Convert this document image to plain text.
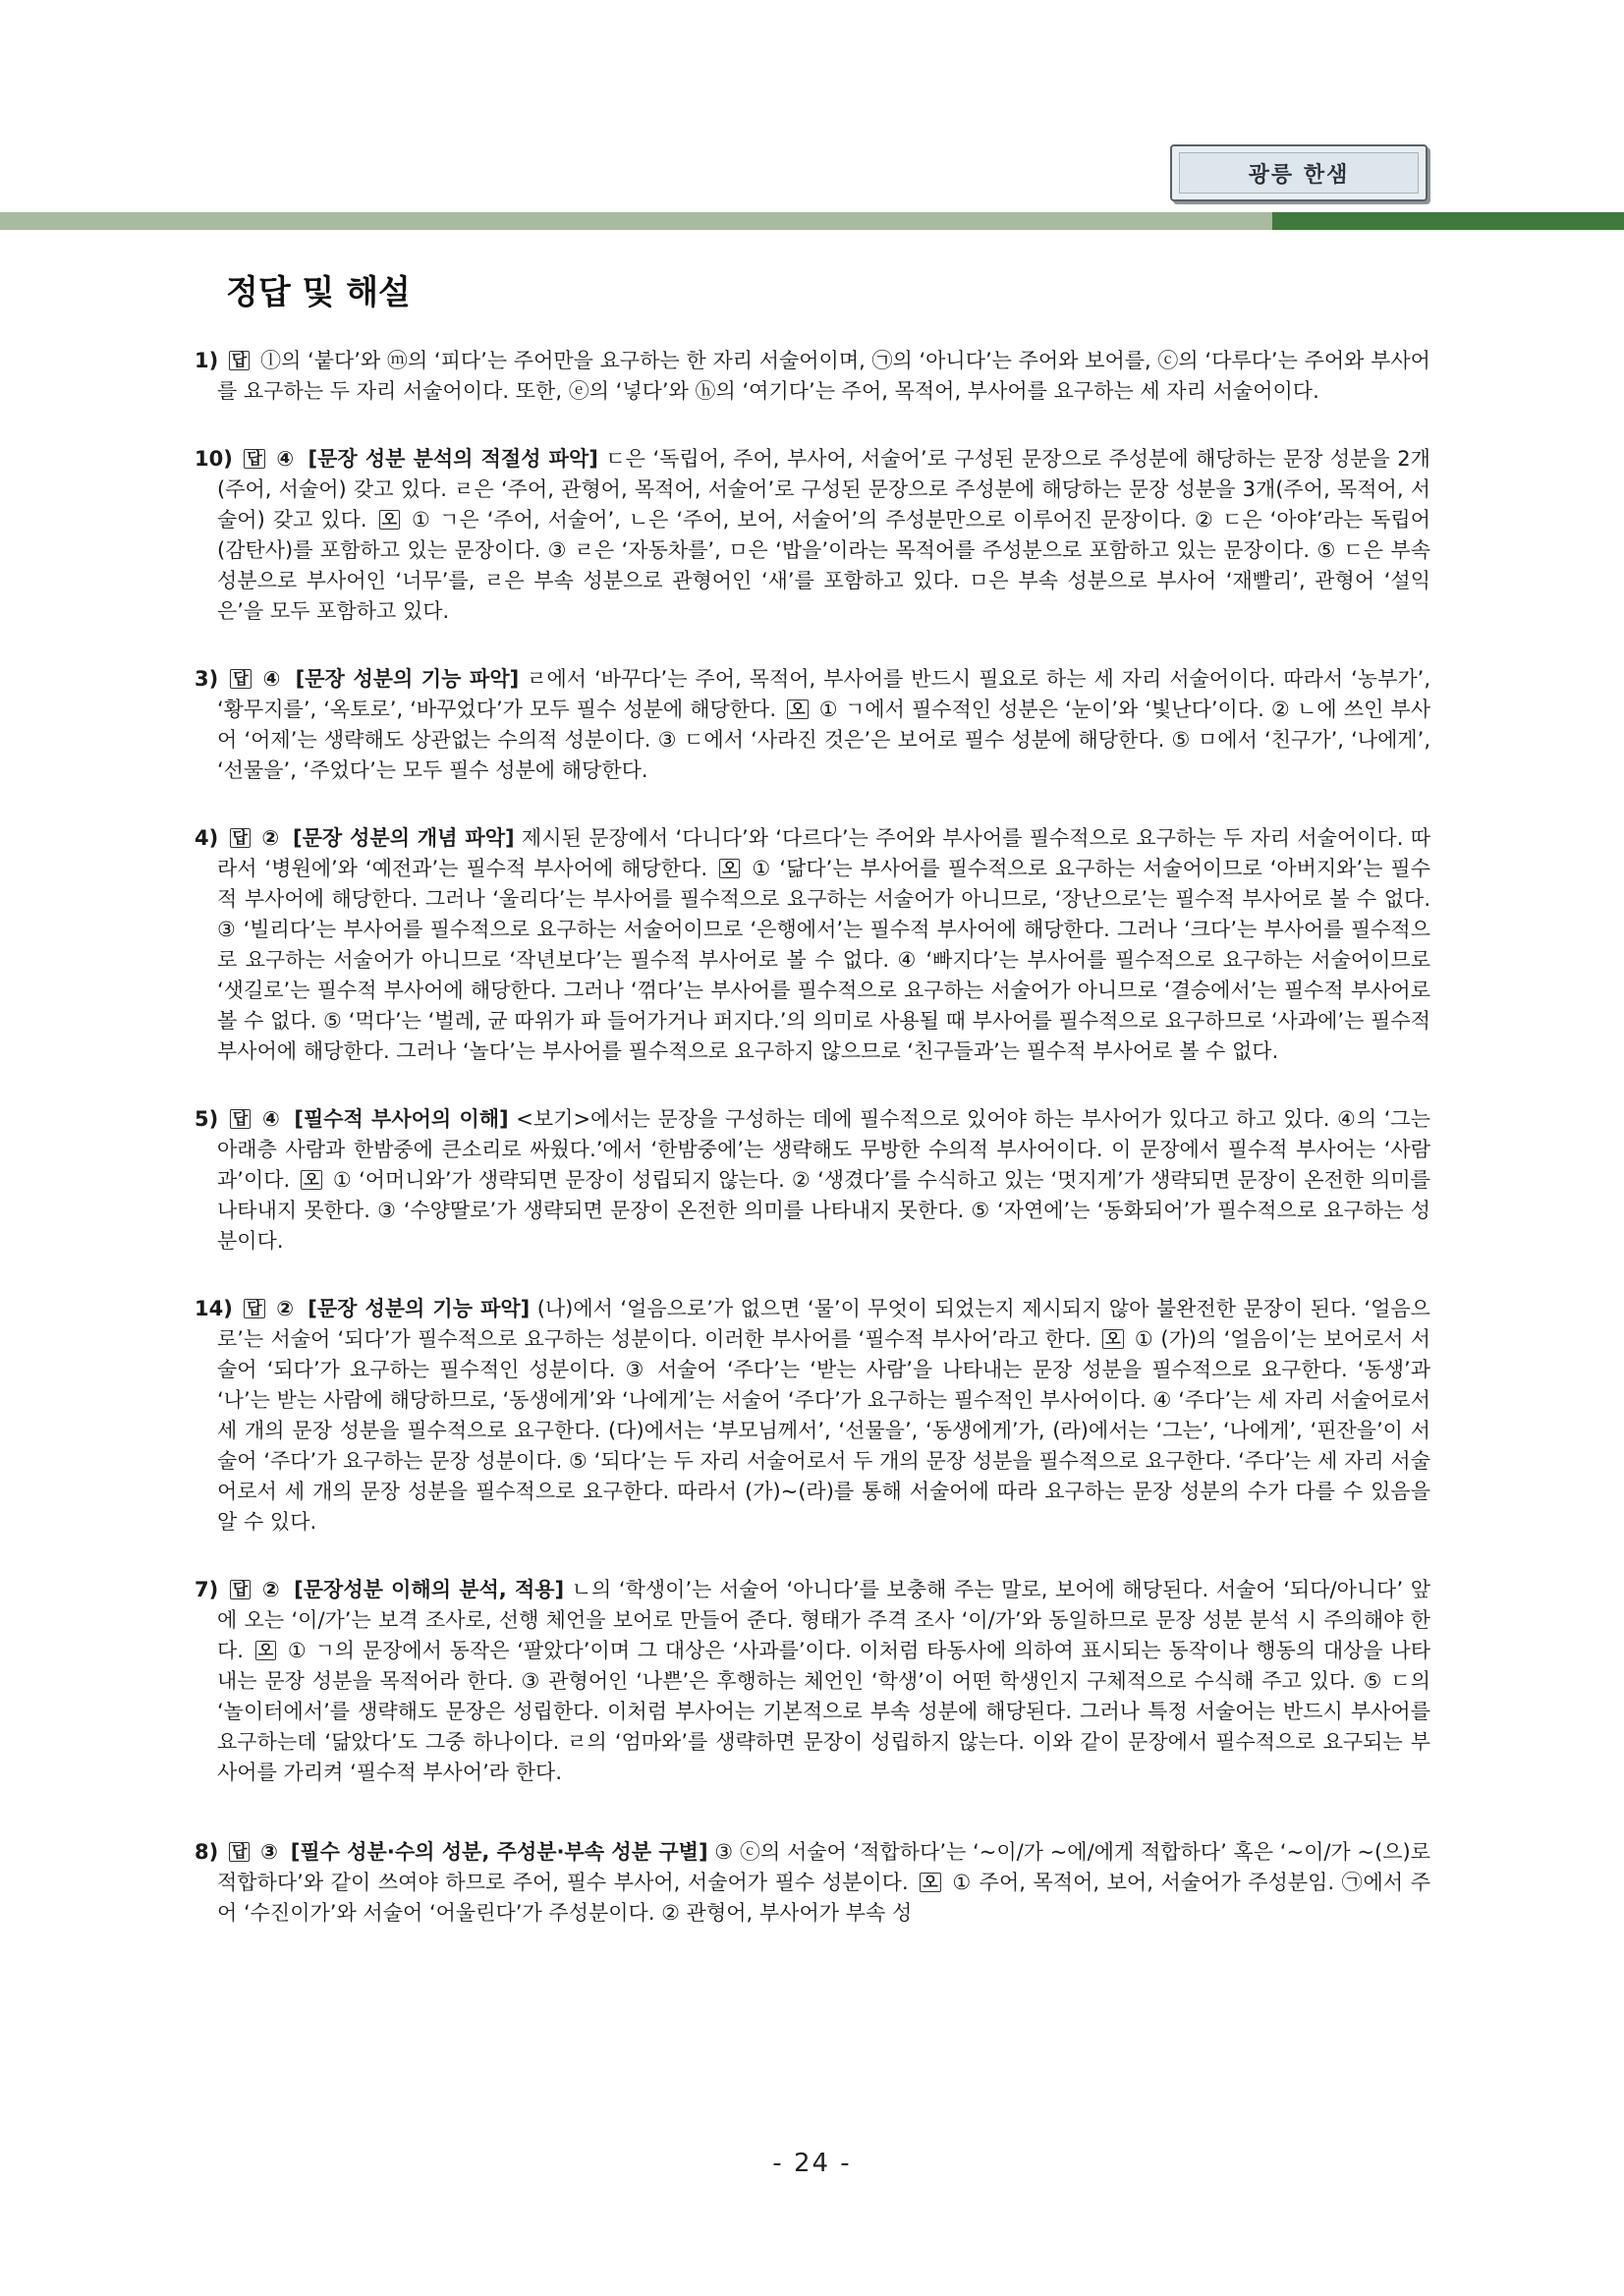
광릉 한샘
정답 및 해설

1) 답 ⓛ의 ‘붙다’와 ⓜ의 ‘피다’는 주어만을 요구하는 한 자리 서술어이며, ㉠의 ‘아니다’는 주어와 보어를, ⓒ의 ‘다루다’는 주어와 부사어를 요구하는 두 자리 서술어이다. 또한, ⓔ의 ‘넣다’와 ⓗ의 ‘여기다’는 주어, 목적어, 부사어를 요구하는 세 자리 서술어이다.

10) 답 ④ [문장 성분 분석의 적절성 파악] ㄷ은 ‘독립어, 주어, 부사어, 서술어’로 구성된 문장으로 주성분에 해당하는 문장 성분을 2개(주어, 서술어) 갖고 있다. ㄹ은 ‘주어, 관형어, 목적어, 서술어’로 구성된 문장으로 주성분에 해당하는 문장 성분을 3개(주어, 목적어, 서술어) 갖고 있다. 오 ① ㄱ은 ‘주어, 서술어’, ㄴ은 ‘주어, 보어, 서술어’의 주성분만으로 이루어진 문장이다. ② ㄷ은 ‘아야’라는 독립어(감탄사)를 포함하고 있는 문장이다. ③ ㄹ은 ‘자동차를’, ㅁ은 ‘밥을’이라는 목적어를 주성분으로 포함하고 있는 문장이다. ⑤ ㄷ은 부속 성분으로 부사어인 ‘너무’를, ㄹ은 부속 성분으로 관형어인 ‘새’를 포함하고 있다. ㅁ은 부속 성분으로 부사어 ‘재빨리’, 관형어 ‘설익은’을 모두 포함하고 있다.

3) 답 ④ [문장 성분의 기능 파악] ㄹ에서 ‘바꾸다’는 주어, 목적어, 부사어를 반드시 필요로 하는 세 자리 서술어이다. 따라서 ‘농부가’, ‘황무지를’, ‘옥토로’, ‘바꾸었다’가 모두 필수 성분에 해당한다. 오 ① ㄱ에서 필수적인 성분은 ‘눈이’와 ‘빛난다’이다. ② ㄴ에 쓰인 부사어 ‘어제’는 생략해도 상관없는 수의적 성분이다. ③ ㄷ에서 ‘사라진 것은’은 보어로 필수 성분에 해당한다. ⑤ ㅁ에서 ‘친구가’, ‘나에게’, ‘선물을’, ‘주었다’는 모두 필수 성분에 해당한다.

4) 답 ② [문장 성분의 개념 파악] 제시된 문장에서 ‘다니다’와 ‘다르다’는 주어와 부사어를 필수적으로 요구하는 두 자리 서술어이다. 따라서 ‘병원에’와 ‘예전과’는 필수적 부사어에 해당한다. 오 ① ‘닮다’는 부사어를 필수적으로 요구하는 서술어이므로 ‘아버지와’는 필수적 부사어에 해당한다. 그러나 ‘울리다’는 부사어를 필수적으로 요구하는 서술어가 아니므로, ‘장난으로’는 필수적 부사어로 볼 수 없다. ③ ‘빌리다’는 부사어를 필수적으로 요구하는 서술어이므로 ‘은행에서’는 필수적 부사어에 해당한다. 그러나 ‘크다’는 부사어를 필수적으로 요구하는 서술어가 아니므로 ‘작년보다’는 필수적 부사어로 볼 수 없다. ④ ‘빠지다’는 부사어를 필수적으로 요구하는 서술어이므로 ‘샛길로’는 필수적 부사어에 해당한다. 그러나 ‘꺾다’는 부사어를 필수적으로 요구하는 서술어가 아니므로 ‘결승에서’는 필수적 부사어로 볼 수 없다. ⑤ ‘먹다’는 ‘벌레, 균 따위가 파 들어가거나 퍼지다.’의 의미로 사용될 때 부사어를 필수적으로 요구하므로 ‘사과에’는 필수적 부사어에 해당한다. 그러나 ‘놀다’는 부사어를 필수적으로 요구하지 않으므로 ‘친구들과’는 필수적 부사어로 볼 수 없다.

5) 답 ④ [필수적 부사어의 이해] <보기>에서는 문장을 구성하는 데에 필수적으로 있어야 하는 부사어가 있다고 하고 있다. ④의 ‘그는 아래층 사람과 한밤중에 큰소리로 싸웠다.’에서 ‘한밤중에’는 생략해도 무방한 수의적 부사어이다. 이 문장에서 필수적 부사어는 ‘사람과’이다. 오 ① ‘어머니와’가 생략되면 문장이 성립되지 않는다. ② ‘생겼다’를 수식하고 있는 ‘멋지게’가 생략되면 문장이 온전한 의미를 나타내지 못한다. ③ ‘수양딸로’가 생략되면 문장이 온전한 의미를 나타내지 못한다. ⑤ ‘자연에’는 ‘동화되어’가 필수적으로 요구하는 성분이다.

14) 답 ② [문장 성분의 기능 파악] (나)에서 ‘얼음으로’가 없으면 ‘물’이 무엇이 되었는지 제시되지 않아 불완전한 문장이 된다. ‘얼음으로’는 서술어 ‘되다’가 필수적으로 요구하는 성분이다. 이러한 부사어를 ‘필수적 부사어’라고 한다. 오 ① (가)의 ‘얼음이’는 보어로서 서술어 ‘되다’가 요구하는 필수적인 성분이다. ③ 서술어 ‘주다’는 ‘받는 사람’을 나타내는 문장 성분을 필수적으로 요구한다. ‘동생’과 ‘나’는 받는 사람에 해당하므로, ‘동생에게’와 ‘나에게’는 서술어 ‘주다’가 요구하는 필수적인 부사어이다. ④ ‘주다’는 세 자리 서술어로서 세 개의 문장 성분을 필수적으로 요구한다. (다)에서는 ‘부모님께서’, ‘선물을’, ‘동생에게’가, (라)에서는 ‘그는’, ‘나에게’, ‘핀잔을’이 서술어 ‘주다’가 요구하는 문장 성분이다. ⑤ ‘되다’는 두 자리 서술어로서 두 개의 문장 성분을 필수적으로 요구한다. ‘주다’는 세 자리 서술어로서 세 개의 문장 성분을 필수적으로 요구한다. 따라서 (가)~(라)를 통해 서술어에 따라 요구하는 문장 성분의 수가 다를 수 있음을 알 수 있다.

7) 답 ② [문장성분 이해의 분석, 적용] ㄴ의 ‘학생이’는 서술어 ‘아니다’를 보충해 주는 말로, 보어에 해당된다. 서술어 ‘되다/아니다’ 앞에 오는 ‘이/가’는 보격 조사로, 선행 체언을 보어로 만들어 준다. 형태가 주격 조사 ‘이/가’와 동일하므로 문장 성분 분석 시 주의해야 한다. 오 ① ㄱ의 문장에서 동작은 ‘팔았다’이며 그 대상은 ‘사과를’이다. 이처럼 타동사에 의하여 표시되는 동작이나 행동의 대상을 나타내는 문장 성분을 목적어라 한다. ③ 관형어인 ‘나쁜’은 후행하는 체언인 ‘학생’이 어떤 학생인지 구체적으로 수식해 주고 있다. ⑤ ㄷ의 ‘놀이터에서’를 생략해도 문장은 성립한다. 이처럼 부사어는 기본적으로 부속 성분에 해당된다. 그러나 특정 서술어는 반드시 부사어를 요구하는데 ‘닮았다’도 그중 하나이다. ㄹ의 ‘엄마와’를 생략하면 문장이 성립하지 않는다. 이와 같이 문장에서 필수적으로 요구되는 부사어를 가리켜 ‘필수적 부사어’라 한다.

8) 답 ③ [필수 성분·수의 성분, 주성분·부속 성분 구별] ③ ⓒ의 서술어 ‘적합하다’는 ‘~이/가 ~에/에게 적합하다’ 혹은 ‘~이/가 ~(으)로 적합하다’와 같이 쓰여야 하므로 주어, 필수 부사어, 서술어가 필수 성분이다. 오 ① 주어, 목적어, 보어, 서술어가 주성분임. ㉠에서 주어 ‘수진이가’와 서술어 ‘어울린다’가 주성분이다. ② 관형어, 부사어가 부속 성

- 24 -
